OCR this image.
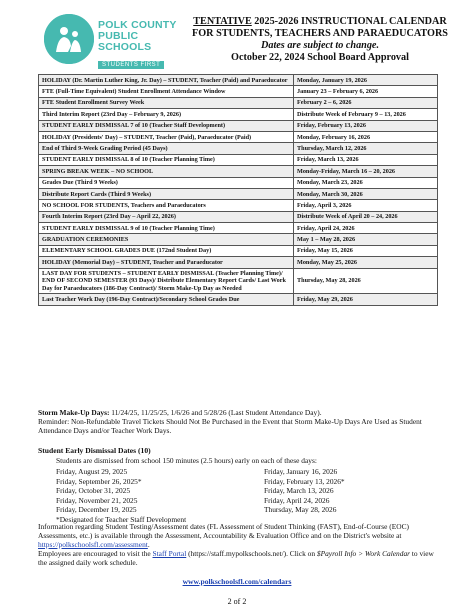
POLK COUNTY
PUBLIC SCHOOLS
STUDENTS FIRST
TENTATIVE 2025-2026 INSTRUCTIONAL CALENDAR
FOR STUDENTS, TEACHERS AND PARAEDUCATORS
Dates are subject to change.
October 22, 2024 School Board Approval
HOLIDAY (Dr. Martin Luther King, Jr. Day) – STUDENT, Teacher (Paid) and Paraeducator	Monday, January 19, 2026
FTE (Full-Time Equivalent) Student Enrollment Attendance Window	January 23 – February 6, 2026
FTE Student Enrollment Survey Week	February 2 – 6, 2026
Third Interim Report (23rd Day – February 9, 2026)	Distribute Week of February 9 – 13, 2026
STUDENT EARLY DISMISSAL 7 of 10 (Teacher Staff Development)	Friday, February 13, 2026
HOLIDAY (Presidents' Day) – STUDENT, Teacher (Paid), Paraeducator (Paid)	Monday, February 16, 2026
End of Third 9-Week Grading Period (45 Days)	Thursday, March 12, 2026
STUDENT EARLY DISMISSAL 8 of 10 (Teacher Planning Time)	Friday, March 13, 2026
SPRING BREAK WEEK – NO SCHOOL	Monday-Friday, March 16 – 20, 2026
Grades Due (Third 9 Weeks)	Monday, March 23, 2026
Distribute Report Cards (Third 9 Weeks)	Monday, March 30, 2026
NO SCHOOL FOR STUDENTS, Teachers and Paraeducators	Friday, April 3, 2026
Fourth Interim Report (23rd Day – April 22, 2026)	Distribute Week of April 20 – 24, 2026
STUDENT EARLY DISMISSAL 9 of 10 (Teacher Planning Time)	Friday, April 24, 2026
GRADUATION CEREMONIES	May 1 – May 28, 2026
ELEMENTARY SCHOOL GRADES DUE (172nd Student Day)	Friday, May 15, 2026
HOLIDAY (Memorial Day) – STUDENT, Teacher and Paraeducator	Monday, May 25, 2026
LAST DAY FOR STUDENTS – STUDENT EARLY DISMISSAL (Teacher Planning Time)/ END OF SECOND SEMESTER (93 Days)/ Distribute Elementary Report Cards/ Last Work Day for Paraeducators (186-Day Contract)/ Storm Make-Up Day as Needed	Thursday, May 28, 2026
Last Teacher Work Day (196-Day Contract)/Secondary School Grades Due	Friday, May 29, 2026
Storm Make-Up Days: 11/24/25, 11/25/25, 1/6/26 and 5/28/26 (Last Student Attendance Day).
Reminder: Non-Refundable Travel Tickets Should Not Be Purchased in the Event that Storm Make-Up Days Are Used as Student Attendance Days and/or Teacher Work Days.
Student Early Dismissal Dates (10)
Students are dismissed from school 150 minutes (2.5 hours) early on each of these days:
Friday, August 29, 2025
Friday, September 26, 2025*
Friday, October 31, 2025
Friday, November 21, 2025
Friday, December 19, 2025
*Designated for Teacher Staff Development
Friday, January 16, 2026
Friday, February 13, 2026*
Friday, March 13, 2026
Friday, April 24, 2026
Thursday, May 28, 2026
Information regarding Student Testing/Assessment dates (FL Assessment of Student Thinking (FAST), End-of-Course (EOC) Assessments, etc.) is available through the Assessment, Accountability & Evaluation Office and on the District's website at https://polkschoolsfl.com/assessment.
Employees are encouraged to visit the Staff Portal (https://staff.mypolkschools.net/). Click on $Payroll Info > Work Calendar to view the assigned daily work schedule.
www.polkschoolsfl.com/calendars
2 of 2
